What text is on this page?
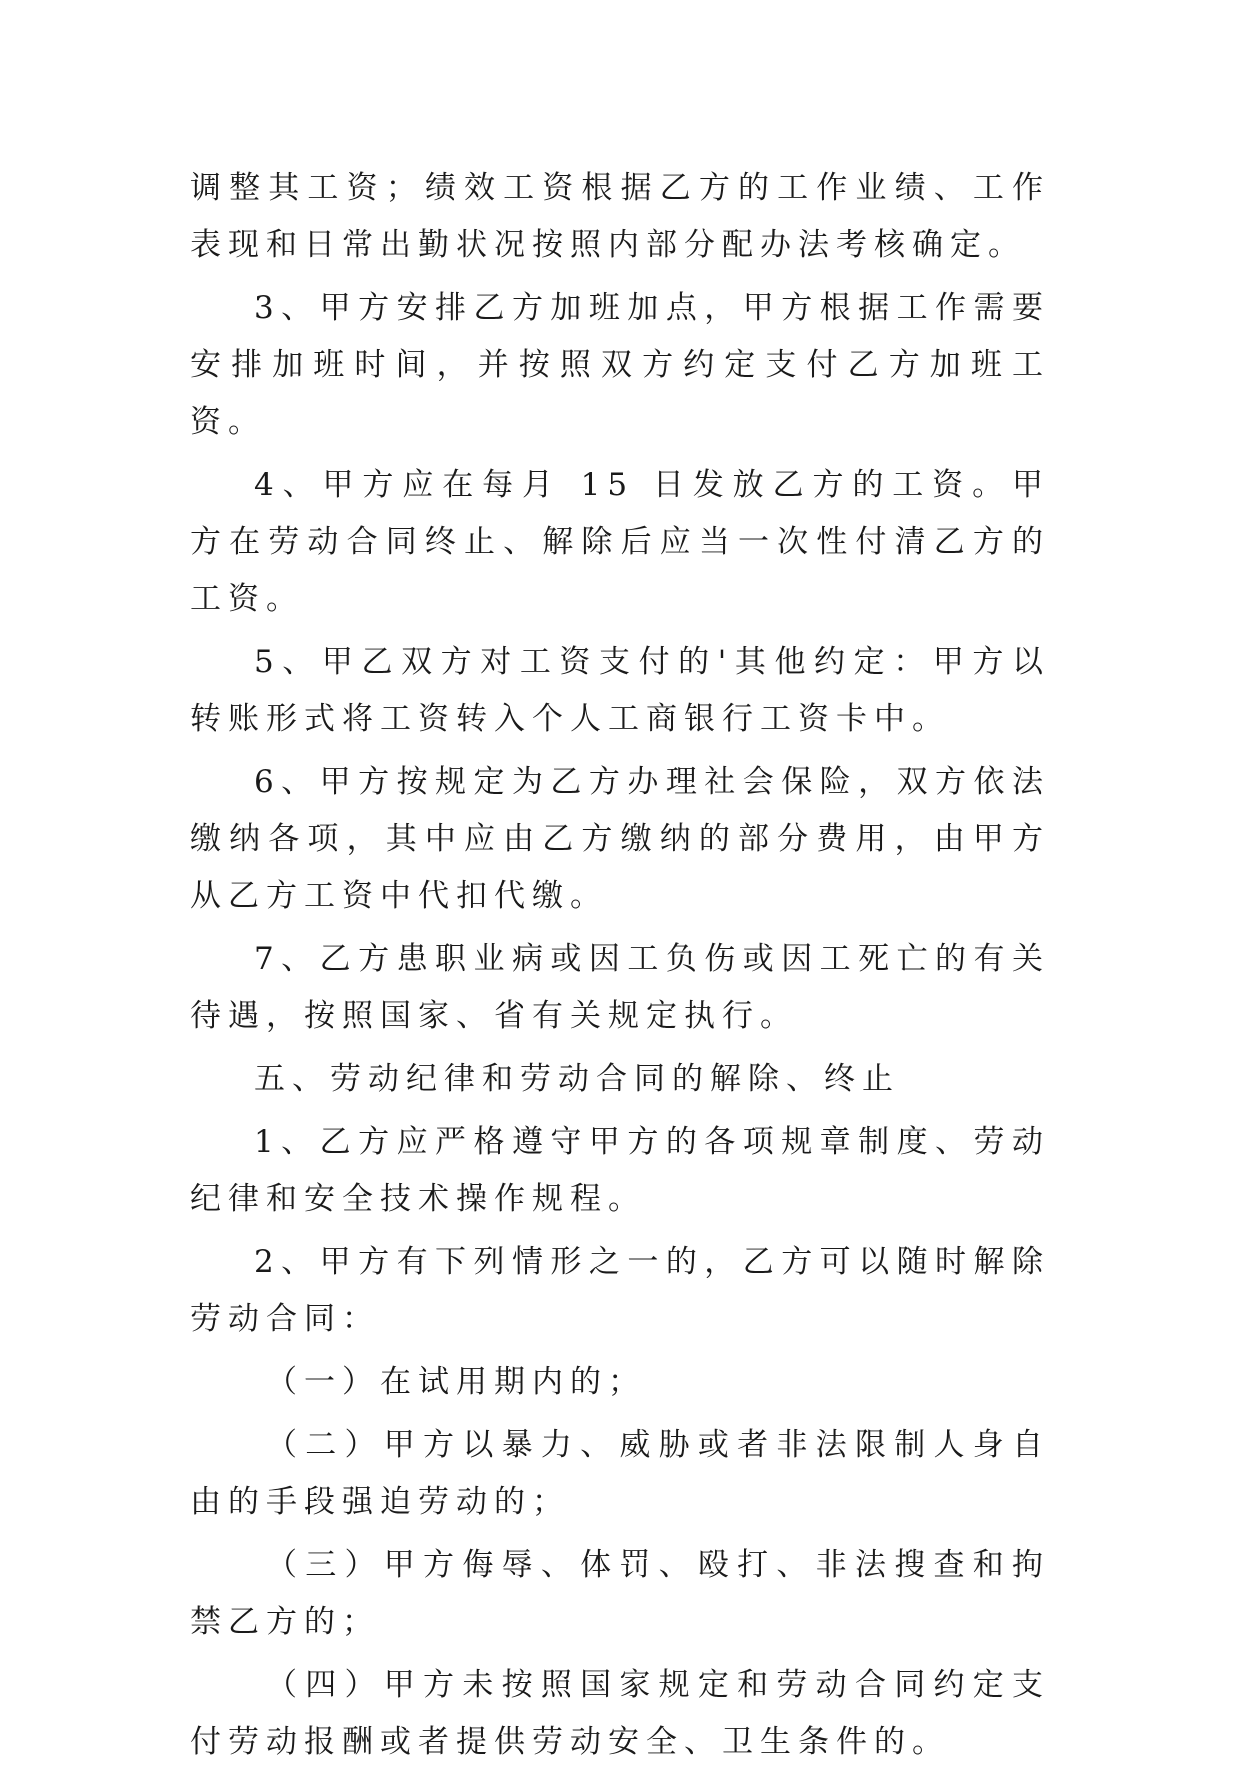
调整其工资；绩效工资根据乙方的工作业绩、工作表现和日常出勤状况按照内部分配办法考核确定。

3、甲方安排乙方加班加点，甲方根据工作需要安排加班时间，并按照双方约定支付乙方加班工资。

4、甲方应在每月 15 日发放乙方的工资。甲方在劳动合同终止、解除后应当一次性付清乙方的工资。

5、甲乙双方对工资支付的'其他约定：甲方以转账形式将工资转入个人工商银行工资卡中。

6、甲方按规定为乙方办理社会保险，双方依法缴纳各项，其中应由乙方缴纳的部分费用，由甲方从乙方工资中代扣代缴。

7、乙方患职业病或因工负伤或因工死亡的有关待遇，按照国家、省有关规定执行。

五、劳动纪律和劳动合同的解除、终止

1、乙方应严格遵守甲方的各项规章制度、劳动纪律和安全技术操作规程。

2、甲方有下列情形之一的，乙方可以随时解除劳动合同：

（一）在试用期内的；

（二）甲方以暴力、威胁或者非法限制人身自由的手段强迫劳动的；

（三）甲方侮辱、体罚、殴打、非法搜查和拘禁乙方的；

（四）甲方未按照国家规定和劳动合同约定支付劳动报酬或者提供劳动安全、卫生条件的。
